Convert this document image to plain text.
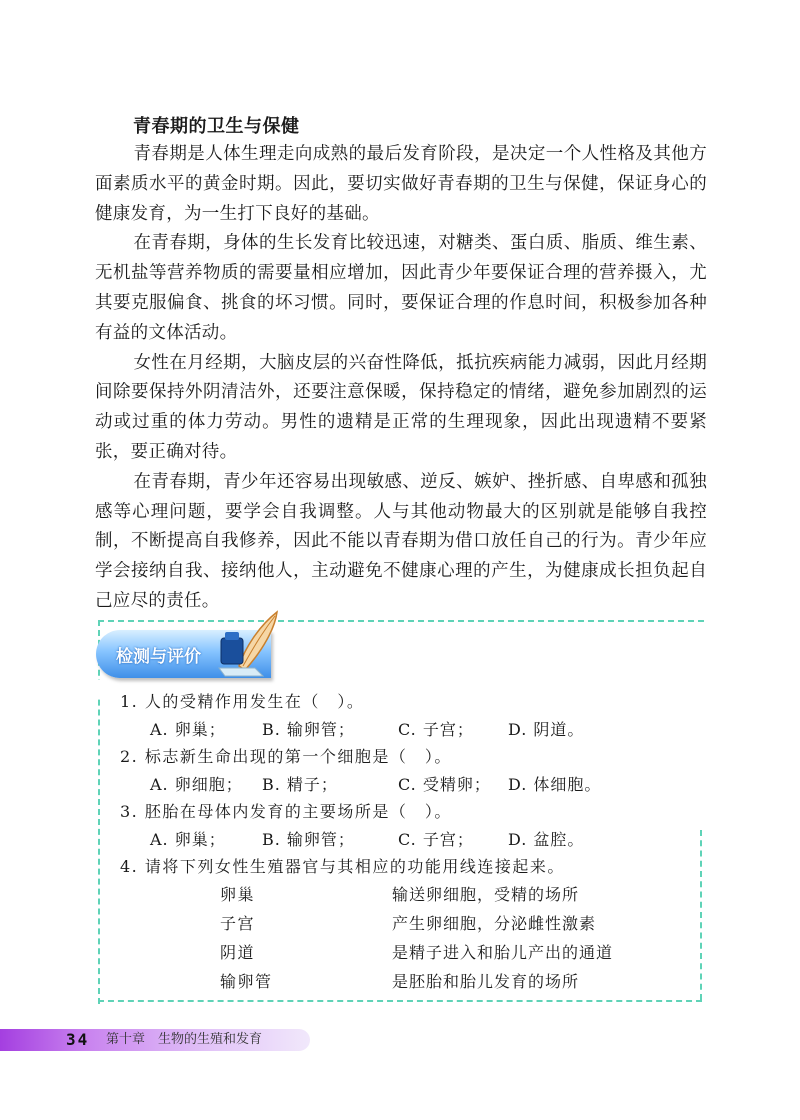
青春期的卫生与保健

青春期是人体生理走向成熟的最后发育阶段，是决定一个人性格及其他方面素质水平的黄金时期。因此，要切实做好青春期的卫生与保健，保证身心的健康发育，为一生打下良好的基础。

在青春期，身体的生长发育比较迅速，对糖类、蛋白质、脂质、维生素、无机盐等营养物质的需要量相应增加，因此青少年要保证合理的营养摄入，尤其要克服偏食、挑食的坏习惯。同时，要保证合理的作息时间，积极参加各种有益的文体活动。

女性在月经期，大脑皮层的兴奋性降低，抵抗疾病能力减弱，因此月经期间除要保持外阴清洁外，还要注意保暖，保持稳定的情绪，避免参加剧烈的运动或过重的体力劳动。男性的遗精是正常的生理现象，因此出现遗精不要紧张，要正确对待。

在青春期，青少年还容易出现敏感、逆反、嫉妒、挫折感、自卑感和孤独感等心理问题，要学会自我调整。人与其他动物最大的区别就是能够自我控制，不断提高自我修养，因此不能以青春期为借口放任自己的行为。青少年应学会接纳自我、接纳他人，主动避免不健康心理的产生，为健康成长担负起自己应尽的责任。

检测与评价
1. 人的受精作用发生在（　）。
A. 卵巢； B. 输卵管；	C. 子宫； D. 阴道。
2. 标志新生命出现的第一个细胞是（　）。
A. 卵细胞； B. 精子；	C. 受精卵； D. 体细胞。
3. 胚胎在母体内发育的主要场所是（　）。
A. 卵巢； B. 输卵管；	C. 子宫； D. 盆腔。
4. 请将下列女性生殖器官与其相应的功能用线连接起来。
卵巢	输送卵细胞，受精的场所
子宫	产生卵细胞，分泌雌性激素
阴道	是精子进入和胎儿产出的通道
输卵管	是胚胎和胎儿发育的场所
34	第十章　生物的生殖和发育
